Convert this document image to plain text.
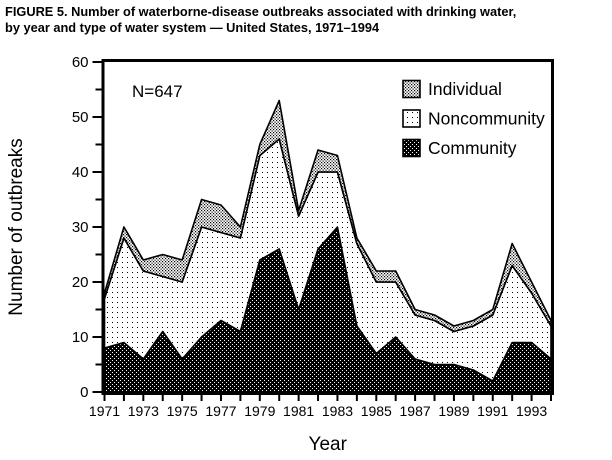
FIGURE 5. Number of waterborne-disease outbreaks associated with drinking water,
by year and type of water system — United States, 1971–1994
0
10
20
30
40
50
60
1971 1973 1975 1977 1979 1981 1983 1985 1987 1989 1991 1993
Number of outbreaks
Year
N=647	Individual
Noncommunity
Community
